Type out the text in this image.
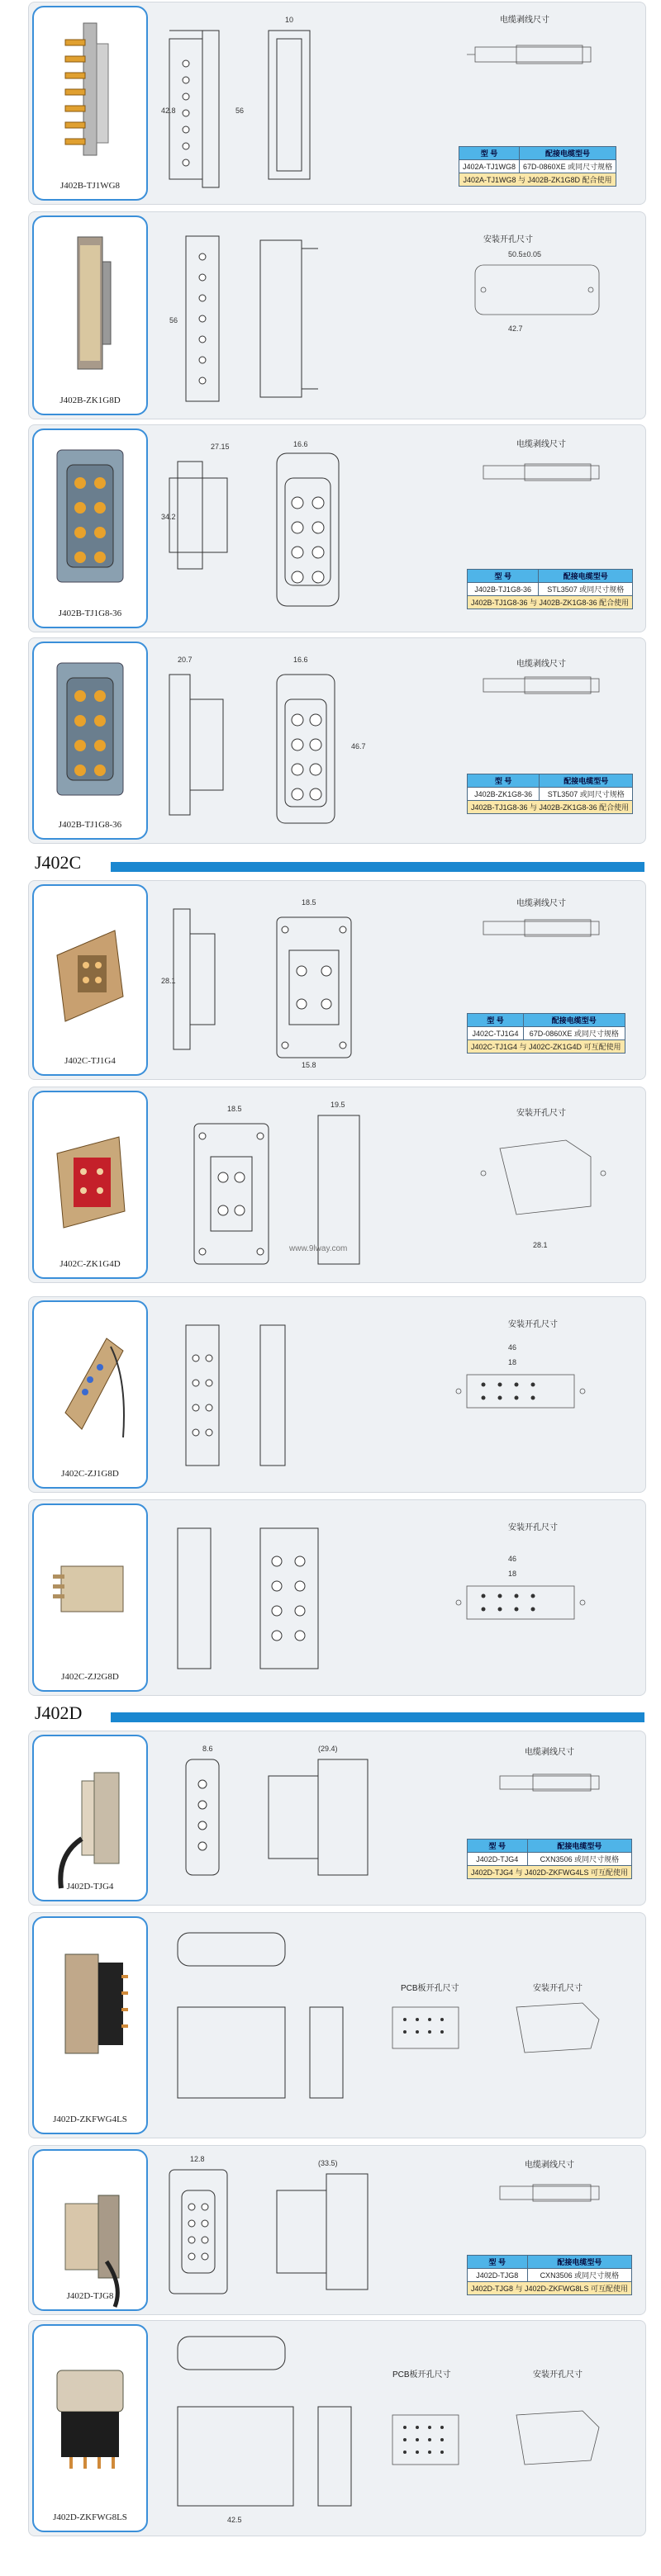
J402B-TJ1WG8
42.8	56
10	电缆剥线尺寸
型 号	配接电缆型号
J402A-TJ1WG8	67D-0860XE 或同尺寸规格
J402A-TJ1WG8 与 J402B-ZK1G8D 配合使用	
J402B-ZK1G8D
56
50.5±0.05
42.7
安装开孔尺寸
J402B-TJ1G8-36
27.15	16.6
34.2
电缆剥线尺寸
型 号	配接电缆型号
J402B-TJ1G8-36	STL3507 或同尺寸规格
J402B-TJ1G8-36 与 J402B-ZK1G8-36 配合使用	
J402B-TJ1G8-36
20.7	16.6
46.7
电缆剥线尺寸
型 号	配接电缆型号
J402B-ZK1G8-36	STL3507 或同尺寸规格
J402B-TJ1G8-36 与 J402B-ZK1G8-36 配合使用	
J402C
J402C-TJ1G4
18.5
28.1
15.8
电缆剥线尺寸
型 号	配接电缆型号
J402C-TJ1G4	67D-0860XE 或同尺寸规格
J402C-TJ1G4 与 J402C-ZK1G4D 可互配使用	
J402C-ZK1G4D
18.5	19.5
28.1
安装开孔尺寸
www.9lway.com
J402C-ZJ1G8D
46
18
安装开孔尺寸
J402C-ZJ2G8D
46
18
安装开孔尺寸
J402D
J402D-TJG4
8.6	(29.4)	电缆剥线尺寸
型 号	配接电缆型号
J402D-TJG4	CXN3506 或同尺寸规格
J402D-TJG4 与 J402D-ZKFWG4LS 可互配使用	
J402D-ZKFWG4LS
PCB板开孔尺寸	安装开孔尺寸
J402D-TJG8
12.8	(33.5)	电缆剥线尺寸
型 号	配接电缆型号
J402D-TJG8	CXN3506 或同尺寸规格
J402D-TJG8 与 J402D-ZKFWG8LS 可互配使用	
J402D-ZKFWG8LS	42.5
PCB板开孔尺寸	安装开孔尺寸
